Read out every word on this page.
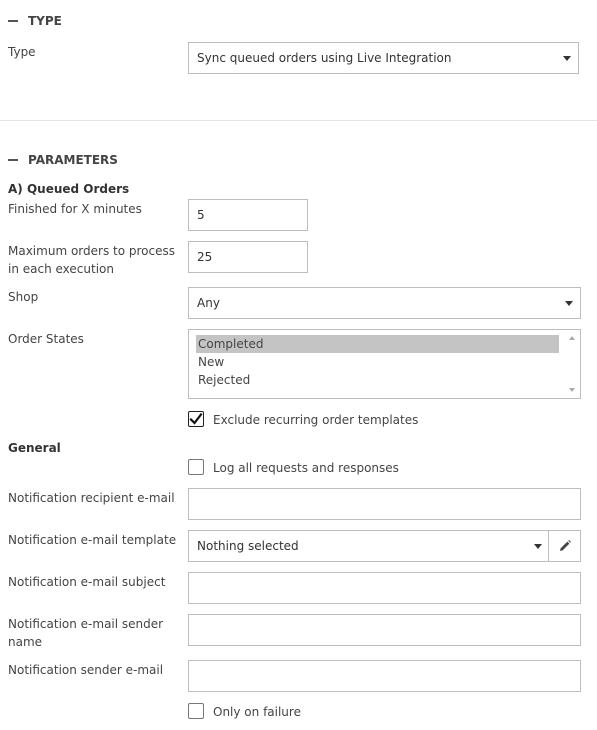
TYPE
Type	Sync queued orders using Live Integration
PARAMETERS
A) Queued Orders
Finished for X minutes	5
Maximum orders to process
in each execution
25
Shop	Any
Order States	Completed
New
Rejected
Exclude recurring order templates
General
Log all requests and responses
Notification recipient e-mail
Notification e-mail template	Nothing selected
Notification e-mail subject
Notification e-mail sender
name
Notification sender e-mail
Only on failure
